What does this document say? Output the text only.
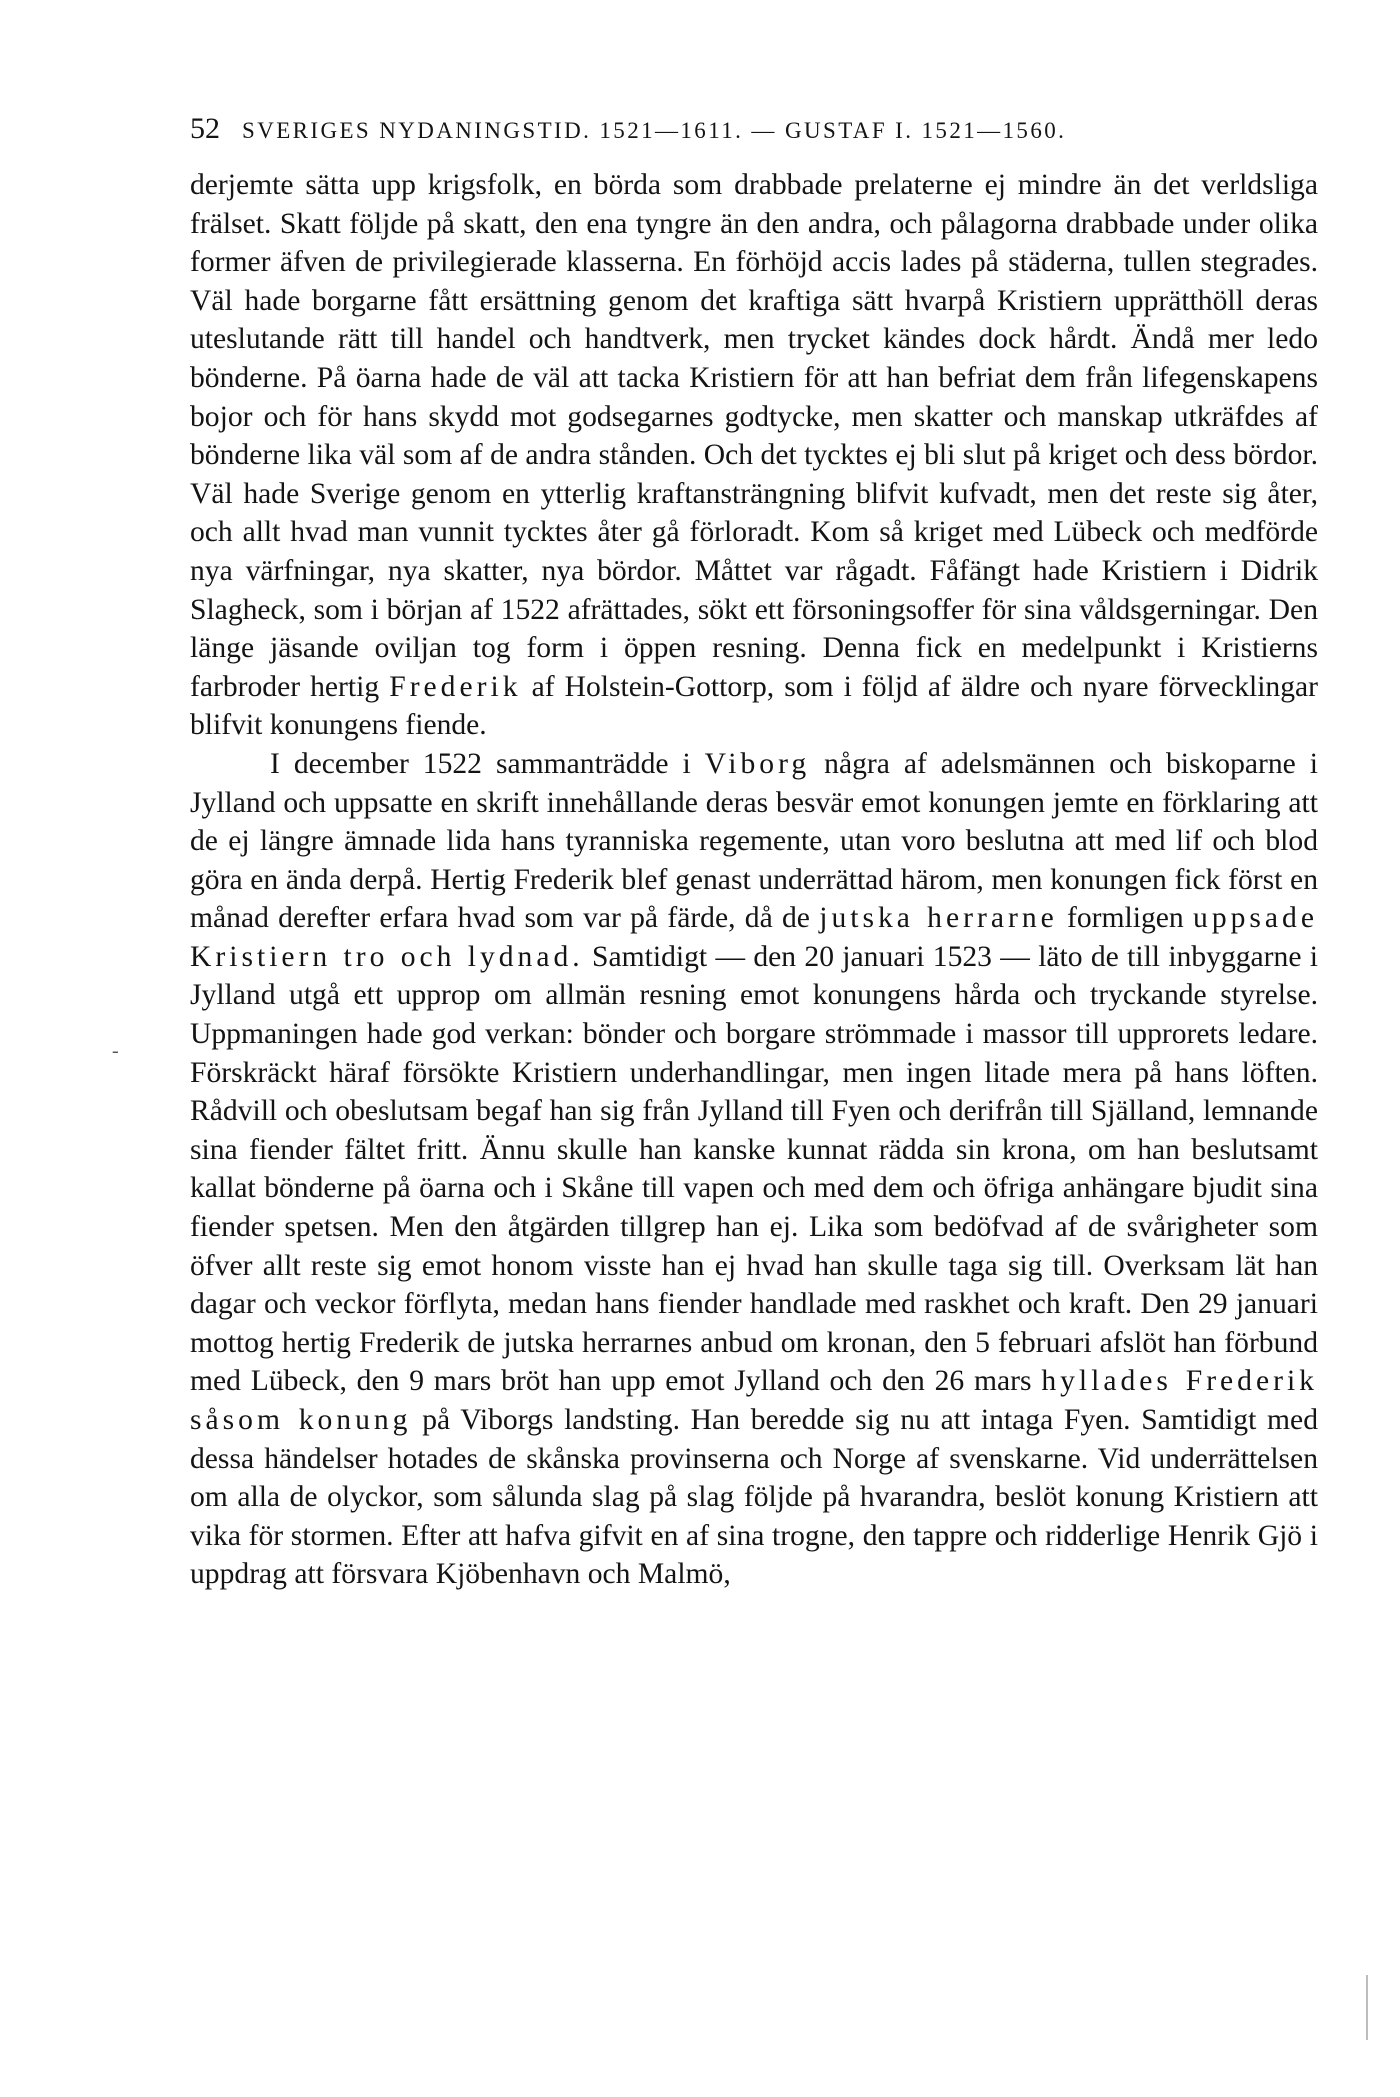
52 SVERIGES NYDANINGSTID. 1521—1611. — GUSTAF I. 1521—1560.

derjemte sätta upp krigsfolk, en börda som drabbade prelaterne ej mindre än det verldsliga frälset. Skatt följde på skatt, den ena tyngre än den andra, och pålagorna drabbade under olika former äfven de privilegierade klasserna. En förhöjd accis lades på städerna, tullen stegrades. Väl hade borgarne fått ersättning genom det kraftiga sätt hvarpå Kristiern upprätthöll deras uteslutande rätt till handel och handtverk, men trycket kändes dock hårdt. Ändå mer ledo bönderne. På öarna hade de väl att tacka Kristiern för att han befriat dem från lifegenskapens bojor och för hans skydd mot godsegarnes godtycke, men skatter och manskap utkräfdes af bönderne lika väl som af de andra stånden. Och det tycktes ej bli slut på kriget och dess bördor. Väl hade Sverige genom en ytterlig kraftansträngning blifvit kufvadt, men det reste sig åter, och allt hvad man vunnit tycktes åter gå förloradt. Kom så kriget med Lübeck och medförde nya värfningar, nya skatter, nya bördor. Måttet var rågadt. Fåfängt hade Kristiern i Didrik Slagheck, som i början af 1522 afrättades, sökt ett försoningsoffer för sina våldsgerningar. Den länge jäsande oviljan tog form i öppen resning. Denna fick en medelpunkt i Kristierns farbroder hertig Frederik af Holstein-Gottorp, som i följd af äldre och nyare förvecklingar blifvit konungens fiende.

I december 1522 sammanträdde i Viborg några af adelsmännen och biskoparne i Jylland och uppsatte en skrift innehållande deras besvär emot konungen jemte en förklaring att de ej längre ämnade lida hans tyranniska regemente, utan voro beslutna att med lif och blod göra en ända derpå. Hertig Frederik blef genast underrättad härom, men konungen fick först en månad derefter erfara hvad som var på färde, då de jutska herrarne formligen uppsade Kristiern tro och lydnad. Samtidigt — den 20 januari 1523 — läto de till inbyggarne i Jylland utgå ett upprop om allmän resning emot konungens hårda och tryckande styrelse. Uppmaningen hade god verkan: bönder och borgare strömmade i massor till upprorets ledare. Förskräckt häraf försökte Kristiern underhandlingar, men ingen litade mera på hans löften. Rådvill och obeslutsam begaf han sig från Jylland till Fyen och derifrån till Själland, lemnande sina fiender fältet fritt. Ännu skulle han kanske kunnat rädda sin krona, om han beslutsamt kallat bönderne på öarna och i Skåne till vapen och med dem och öfriga anhängare bjudit sina fiender spetsen. Men den åtgärden tillgrep han ej. Lika som bedöfvad af de svårigheter som öfver allt reste sig emot honom visste han ej hvad han skulle taga sig till. Overksam lät han dagar och veckor förflyta, medan hans fiender handlade med raskhet och kraft. Den 29 januari mottog hertig Frederik de jutska herrarnes anbud om kronan, den 5 februari afslöt han förbund med Lübeck, den 9 mars bröt han upp emot Jylland och den 26 mars hyllades Frederik såsom konung på Viborgs landsting. Han beredde sig nu att intaga Fyen. Samtidigt med dessa händelser hotades de skånska provinserna och Norge af svenskarne. Vid underrättelsen om alla de olyckor, som sålunda slag på slag följde på hvarandra, beslöt konung Kristiern att vika för stormen. Efter att hafva gifvit en af sina trogne, den tappre och ridderlige Henrik Gjö i uppdrag att försvara Kjöbenhavn och Malmö,

-
